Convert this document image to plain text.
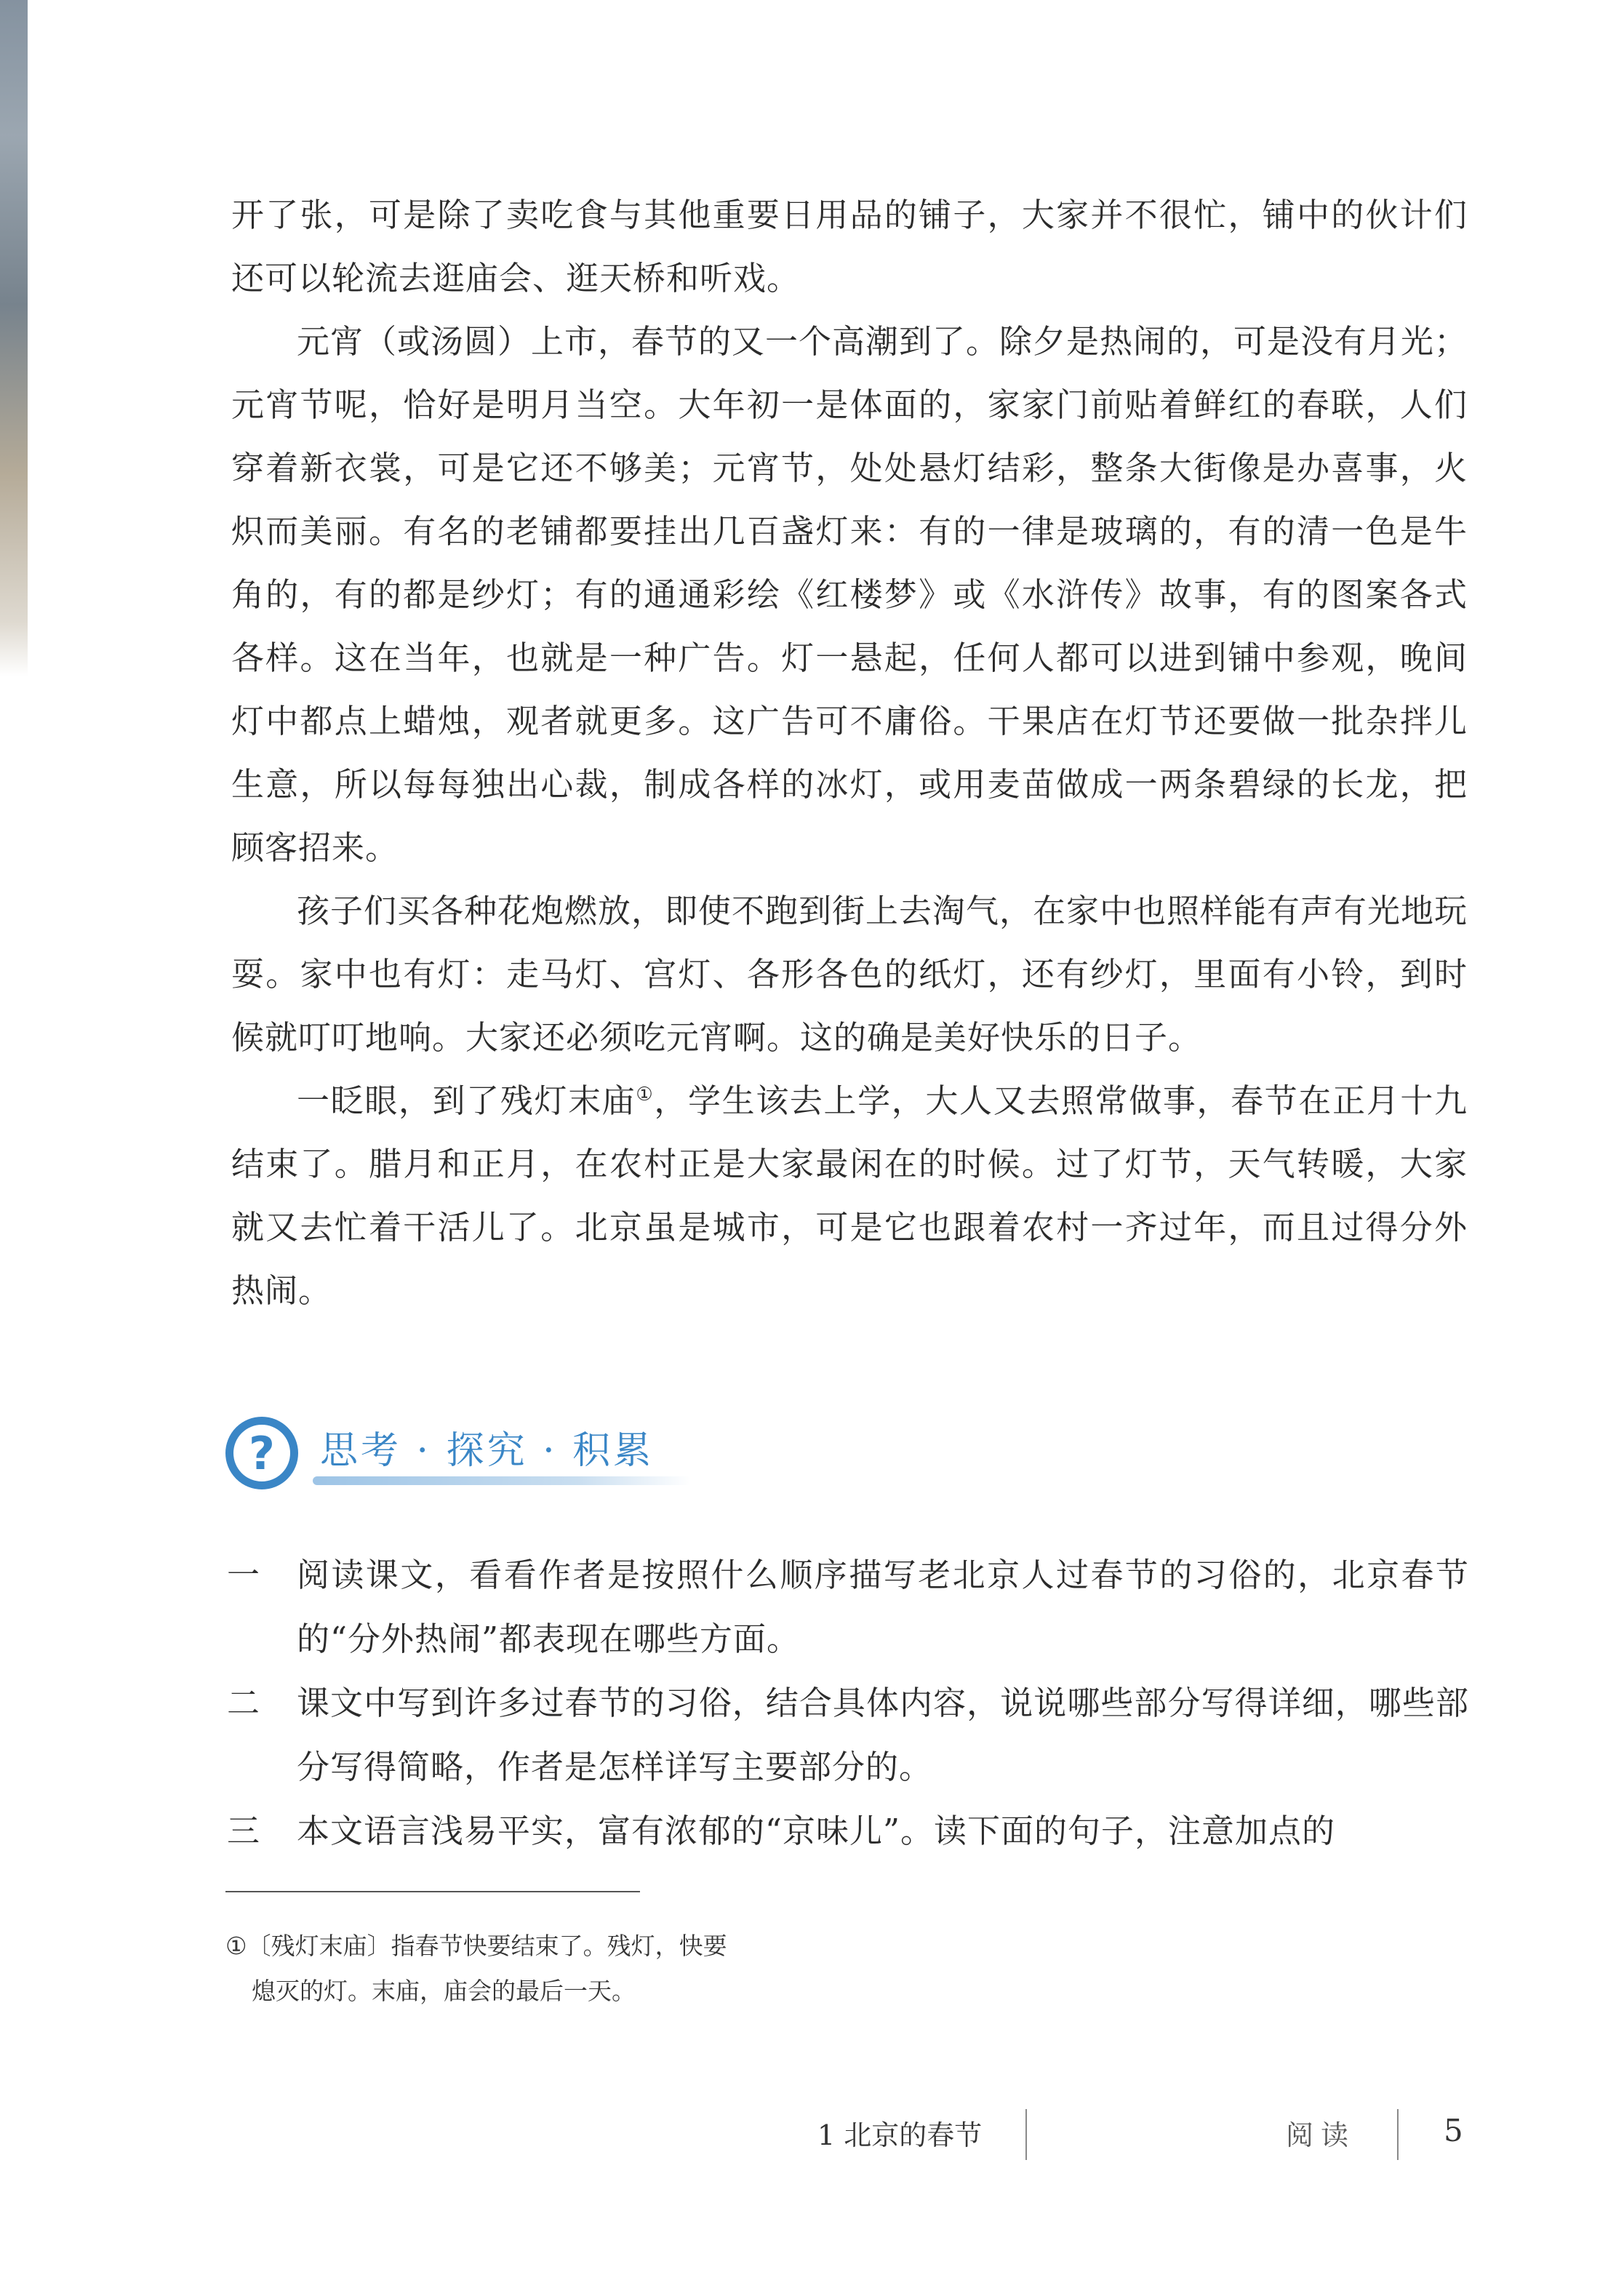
开了张，可是除了卖吃食与其他重要日用品的铺子，大家并不很忙，铺中的伙计们还可以轮流去逛庙会、逛天桥和听戏。

元宵（或汤圆）上市，春节的又一个高潮到了。除夕是热闹的，可是没有月光；元宵节呢，恰好是明月当空。大年初一是体面的，家家门前贴着鲜红的春联，人们穿着新衣裳，可是它还不够美；元宵节，处处悬灯结彩，整条大街像是办喜事，火炽而美丽。有名的老铺都要挂出几百盏灯来：有的一律是玻璃的，有的清一色是牛角的，有的都是纱灯；有的通通彩绘《红楼梦》或《水浒传》故事，有的图案各式各样。这在当年，也就是一种广告。灯一悬起，任何人都可以进到铺中参观，晚间灯中都点上蜡烛，观者就更多。这广告可不庸俗。干果店在灯节还要做一批杂拌儿生意，所以每每独出心裁，制成各样的冰灯，或用麦苗做成一两条碧绿的长龙，把顾客招来。

孩子们买各种花炮燃放，即使不跑到街上去淘气，在家中也照样能有声有光地玩耍。家中也有灯：走马灯、宫灯、各形各色的纸灯，还有纱灯，里面有小铃，到时候就叮叮地响。大家还必须吃元宵啊。这的确是美好快乐的日子。

一眨眼，到了残灯末庙①，学生该去上学，大人又去照常做事，春节在正月十九结束了。腊月和正月，在农村正是大家最闲在的时候。过了灯节，天气转暖，大家就又去忙着干活儿了。北京虽是城市，可是它也跟着农村一齐过年，而且过得分外热闹。

?	思考 · 探究 · 积累
一 阅读课文，看看作者是按照什么顺序描写老北京人过春节的习俗的，北京春节的“分外热闹”都表现在哪些方面。
二 课文中写到许多过春节的习俗，结合具体内容，说说哪些部分写得详细，哪些部分写得简略，作者是怎样详写主要部分的。
三 本文语言浅易平实，富有浓郁的“京味儿”。读下面的句子，注意加点的

①〔残灯末庙〕指春节快要结束了。残灯，快要

熄灭的灯。末庙，庙会的最后一天。

1 北京的春节	阅读	5
